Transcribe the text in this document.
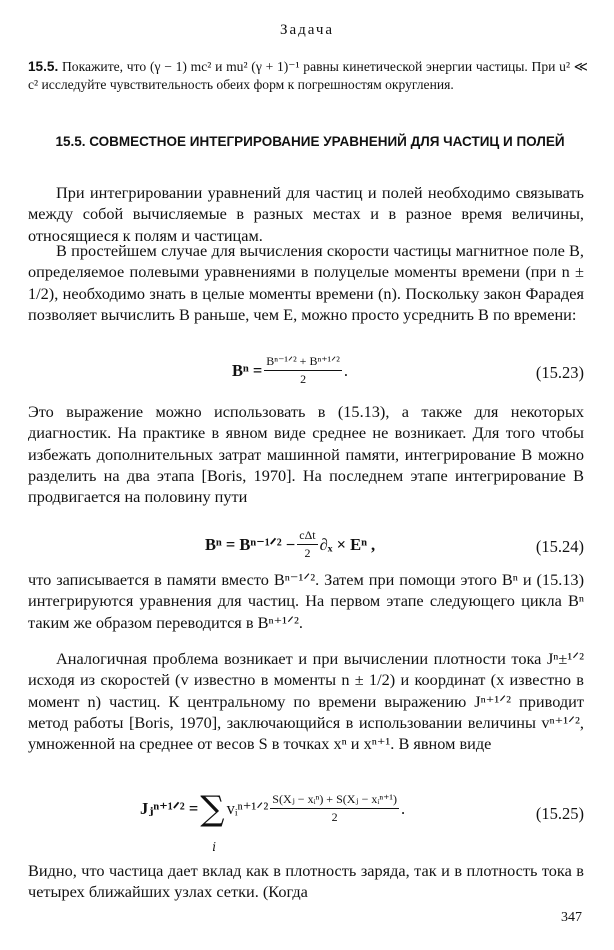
Задача
15.5. Покажите, что (γ − 1) mc² и mu² (γ + 1)⁻¹ равны кинетической энергии частицы. При u² ≪ c² исследуйте чувствительность обеих форм к погрешностям округления.
15.5. СОВМЕСТНОЕ ИНТЕГРИРОВАНИЕ УРАВНЕНИЙ ДЛЯ ЧАСТИЦ И ПОЛЕЙ
При интегрировании уравнений для частиц и полей необходимо связывать между собой вычисляемые в разных местах и в разное время величины, относящиеся к полям и частицам.
В простейшем случае для вычисления скорости частицы магнитное поле B, определяемое полевыми уравнениями в полуцелые моменты времени (при n ± 1/2), необходимо знать в целые моменты времени (n). Поскольку закон Фарадея позволяет вычислить B раньше, чем E, можно просто усреднить B по времени:
$B^n = \frac{\text{Bⁿ⁻¹ᐟ² + Bⁿ⁺¹ᐟ²}}{2}$ .	(15.23)
Это выражение можно использовать в (15.13), а также для некоторых диагностик. На практике в явном виде среднее не возникает. Для того чтобы избежать дополнительных затрат машинной памяти, интегрирование B можно разделить на два этапа [Boris, 1970]. На последнем этапе интегрирование B продвигается на половину пути
Bⁿ = Bⁿ⁻¹ᐟ² − $\frac{\text{cΔt}}{2} \partial_x \times E^n$ ,	(15.24)
что записывается в памяти вместо Bⁿ⁻¹ᐟ². Затем при помощи этого Bⁿ и (15.13) интегрируются уравнения для частиц. На первом этапе следующего цикла Bⁿ таким же образом переводится в Bⁿ⁺¹ᐟ².
Аналогичная проблема возникает и при вычислении плотности тока Jⁿ±¹ᐟ² исходя из скоростей (v известно в моменты n ± 1/2) и координат (x известно в момент n) частиц. К центральному по времени выражению Jⁿ⁺¹ᐟ² приводит метод работы [Boris, 1970], заключающийся в использовании величины vⁿ⁺¹ᐟ², умноженной на среднее от весов S в точках xⁿ и xⁿ⁺¹. В явном виде
Jⱼⁿ⁺¹ᐟ² = ∑
i
vᵢⁿ⁺¹ᐟ² $\frac{\text{S(Xⱼ − xᵢⁿ) + S(Xⱼ − xᵢⁿ⁺¹)}}{2}$ .	(15.25)
Видно, что частица дает вклад как в плотность заряда, так и в плотность тока в четырех ближайших узлах сетки. (Когда
347
